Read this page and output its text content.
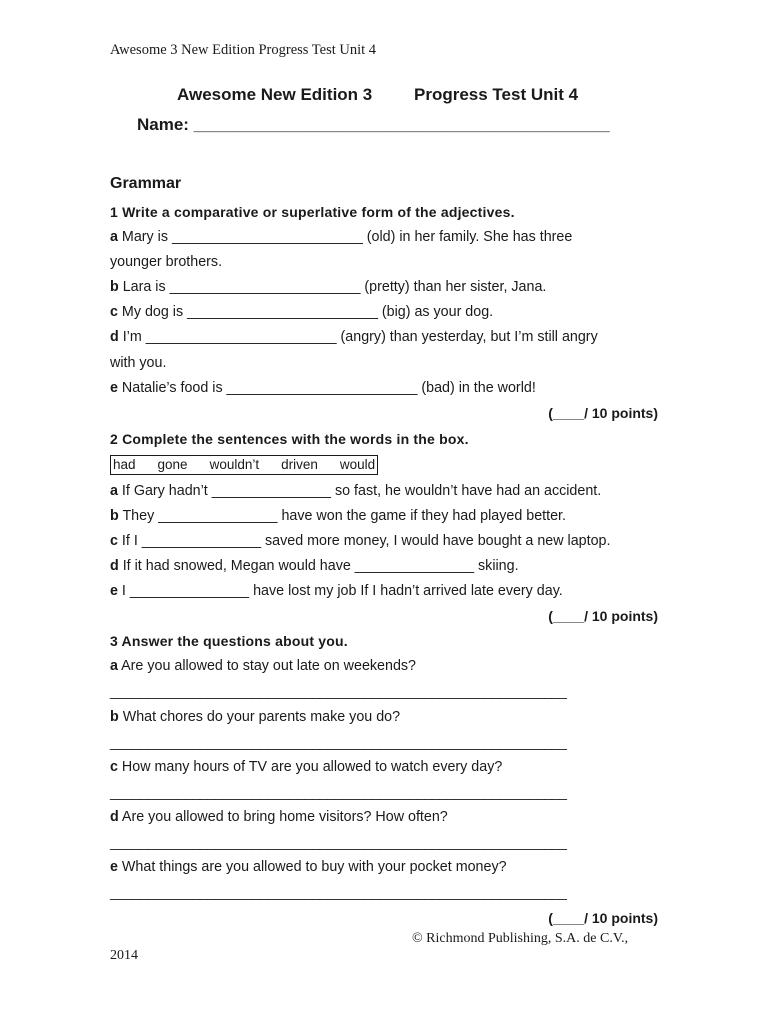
Awesome 3 New Edition Progress Test Unit 4
Awesome New Edition 3 Progress Test Unit 4
Name: ____________________________________________
Grammar
1 Write a comparative or superlative form of the adjectives.
a Mary is ________________________ (old) in her family. She has three
younger brothers.
b Lara is ________________________ (pretty) than her sister, Jana.
c My dog is ________________________ (big) as your dog.
d I’m ________________________ (angry) than yesterday, but I’m still angry
with you.
e Natalie’s food is ________________________ (bad) in the world!
(____/ 10 points)
2 Complete the sentences with the words in the box.
had gone wouldn’t driven would
a If Gary hadn’t _______________ so fast, he wouldn’t have had an accident.
b They _______________ have won the game if they had played better.
c If I _______________ saved more money, I would have bought a new laptop.
d If it had snowed, Megan would have _______________ skiing.
e I _______________ have lost my job If I hadn’t arrived late every day.
(____/ 10 points)
3 Answer the questions about you.
a Are you allowed to stay out late on weekends?
_____________________________________________________________
b What chores do your parents make you do?
_____________________________________________________________
c How many hours of TV are you allowed to watch every day?
_____________________________________________________________
d Are you allowed to bring home visitors? How often?
_____________________________________________________________
e What things are you allowed to buy with your pocket money?
_____________________________________________________________
(____/ 10 points)
© Richmond Publishing, S.A. de C.V.,
2014
